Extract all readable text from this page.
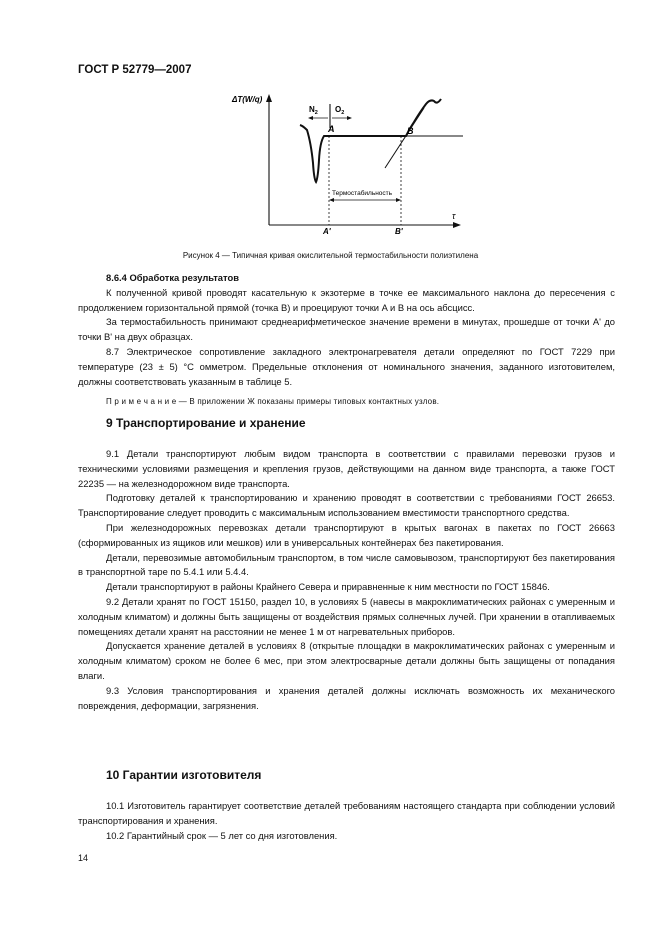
ГОСТ Р 52779—2007
ΔT(W/q)
τ
$N_2$ $O_2$
A	B
Термостабильность
A'	B'
Рисунок 4 — Типичная кривая окислительной термостабильности полиэтилена
8.6.4 Обработка результатов

К полученной кривой проводят касательную к экзотерме в точке ее максимального наклона до пересечения с продолжением горизонтальной прямой (точка B) и проецируют точки A и B на ось абсцисс.

За термостабильность принимают среднеарифметическое значение времени в минутах, прошедше от точки A' до точки B' на двух образцах.

8.7 Электрическое сопротивление закладного электронагревателя детали определяют по ГОСТ 7229 при температуре (23 ± 5) °С омметром. Предельные отклонения от номинального значения, заданного изготовителем, должны соответствовать указанным в таблице 5.

П р и м е ч а н и е — В приложении Ж показаны примеры типовых контактных узлов.

9 Транспортирование и хранение

9.1 Детали транспортируют любым видом транспорта в соответствии с правилами перевозки грузов и техническими условиями размещения и крепления грузов, действующими на данном виде транспорта, а также ГОСТ 22235 — на железнодорожном виде транспорта.

Подготовку деталей к транспортированию и хранению проводят в соответствии с требованиями ГОСТ 26653. Транспортирование следует проводить с максимальным использованием вместимости транспортного средства.

При железнодорожных перевозках детали транспортируют в крытых вагонах в пакетах по ГОСТ 26663 (сформированных из ящиков или мешков) или в универсальных контейнерах без пакетирования.

Детали, перевозимые автомобильным транспортом, в том числе самовывозом, транспортируют без пакетирования в транспортной таре по 5.4.1 или 5.4.4.

Детали транспортируют в районы Крайнего Севера и приравненные к ним местности по ГОСТ 15846.

9.2 Детали хранят по ГОСТ 15150, раздел 10, в условиях 5 (навесы в макроклиматических районах с умеренным и холодным климатом) и должны быть защищены от воздействия прямых солнечных лучей. При хранении в отапливаемых помещениях детали хранят на расстоянии не менее 1 м от нагревательных приборов.

Допускается хранение деталей в условиях 8 (открытые площадки в макроклиматических районах с умеренным и холодным климатом) сроком не более 6 мес, при этом электросварные детали должны быть защищены от попадания влаги.

9.3 Условия транспортирования и хранения деталей должны исключать возможность их механического повреждения, деформации, загрязнения.

10 Гарантии изготовителя

10.1 Изготовитель гарантирует соответствие деталей требованиям настоящего стандарта при соблюдении условий транспортирования и хранения.

10.2 Гарантийный срок — 5 лет со дня изготовления.

14
